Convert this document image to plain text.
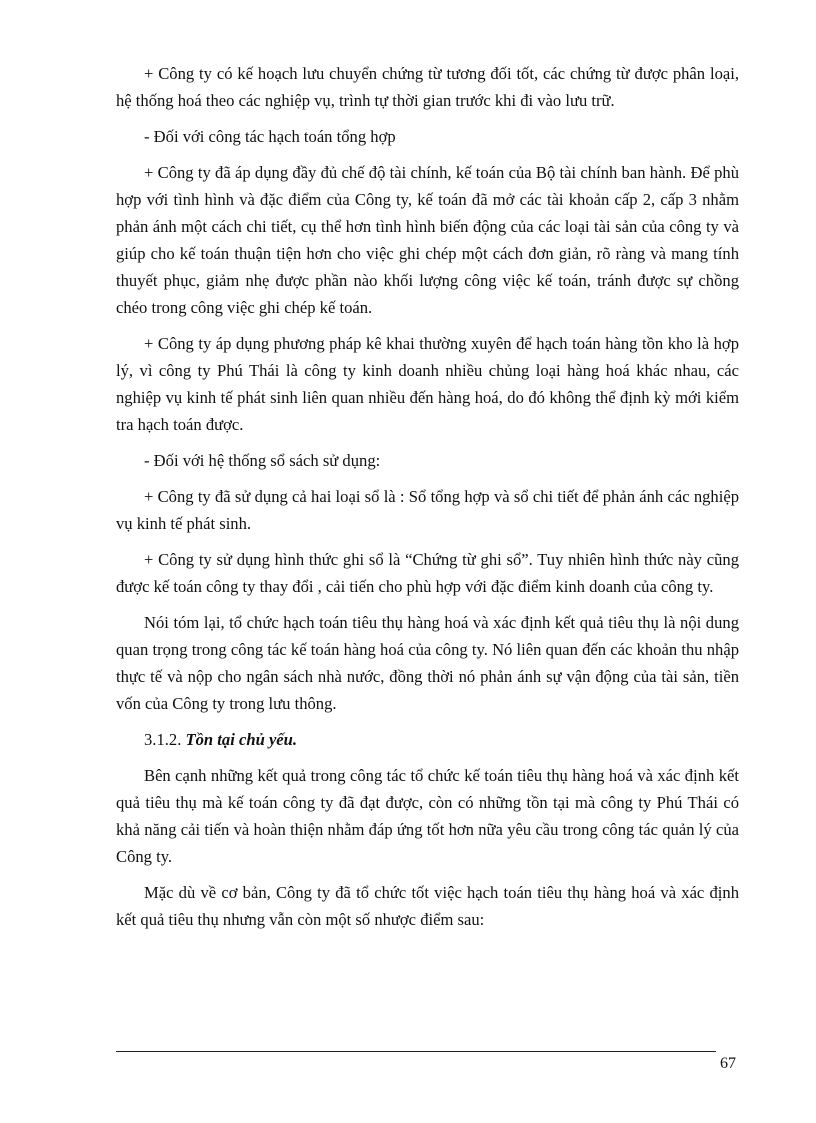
+ Công ty có kế hoạch lưu chuyển chứng từ tương đối tốt, các chứng từ được phân loại, hệ thống hoá theo các nghiệp vụ, trình tự thời gian trước khi đi vào lưu trữ.

- Đối với công tác hạch toán tổng hợp

+ Công ty đã áp dụng đầy đủ chế độ tài chính, kế toán của Bộ tài chính ban hành. Để phù hợp với tình hình và đặc điểm của Công ty, kế toán đã mở các tài khoản cấp 2, cấp 3 nhằm phản ánh một cách chi tiết, cụ thể hơn tình hình biến động của các loại tài sản của công ty và giúp cho kế toán thuận tiện hơn cho việc ghi chép một cách đơn giản, rõ ràng và mang tính thuyết phục, giảm nhẹ được phần nào khối lượng công việc kế toán, tránh được sự chồng chéo trong công việc ghi chép kế toán.

+ Công ty áp dụng phương pháp kê khai thường xuyên để hạch toán hàng tồn kho là hợp lý, vì công ty Phú Thái là công ty kinh doanh nhiều chủng loại hàng hoá khác nhau, các nghiệp vụ kinh tế phát sinh liên quan nhiều đến hàng hoá, do đó không thể định kỳ mới kiểm tra hạch toán được.

- Đối với hệ thống sổ sách sử dụng:

+ Công ty đã sử dụng cả hai loại sổ là : Sổ tổng hợp và sổ chi tiết để phản ánh các nghiệp vụ kinh tế phát sinh.

+ Công ty sử dụng hình thức ghi sổ là “Chứng từ ghi sổ”. Tuy nhiên hình thức này cũng được kế toán công ty thay đổi , cải tiến cho phù hợp với đặc điểm kinh doanh của công ty.

Nói tóm lại, tổ chức hạch toán tiêu thụ hàng hoá và xác định kết quả tiêu thụ là nội dung quan trọng trong công tác kế toán hàng hoá của công ty. Nó liên quan đến các khoản thu nhập thực tế và nộp cho ngân sách nhà nước, đồng thời nó phản ánh sự vận động của tài sản, tiền vốn của Công ty trong lưu thông.

3.1.2. Tồn tại chủ yếu.

Bên cạnh những kết quả trong công tác tổ chức kế toán tiêu thụ hàng hoá và xác định kết quả tiêu thụ mà kế toán công ty đã đạt được, còn có những tồn tại mà công ty Phú Thái có khả năng cải tiến và hoàn thiện nhằm đáp ứng tốt hơn nữa yêu cầu trong công tác quản lý của Công ty.

Mặc dù về cơ bản, Công ty đã tổ chức tốt việc hạch toán tiêu thụ hàng hoá và xác định kết quả tiêu thụ nhưng vẫn còn một số nhược điểm sau:

67
